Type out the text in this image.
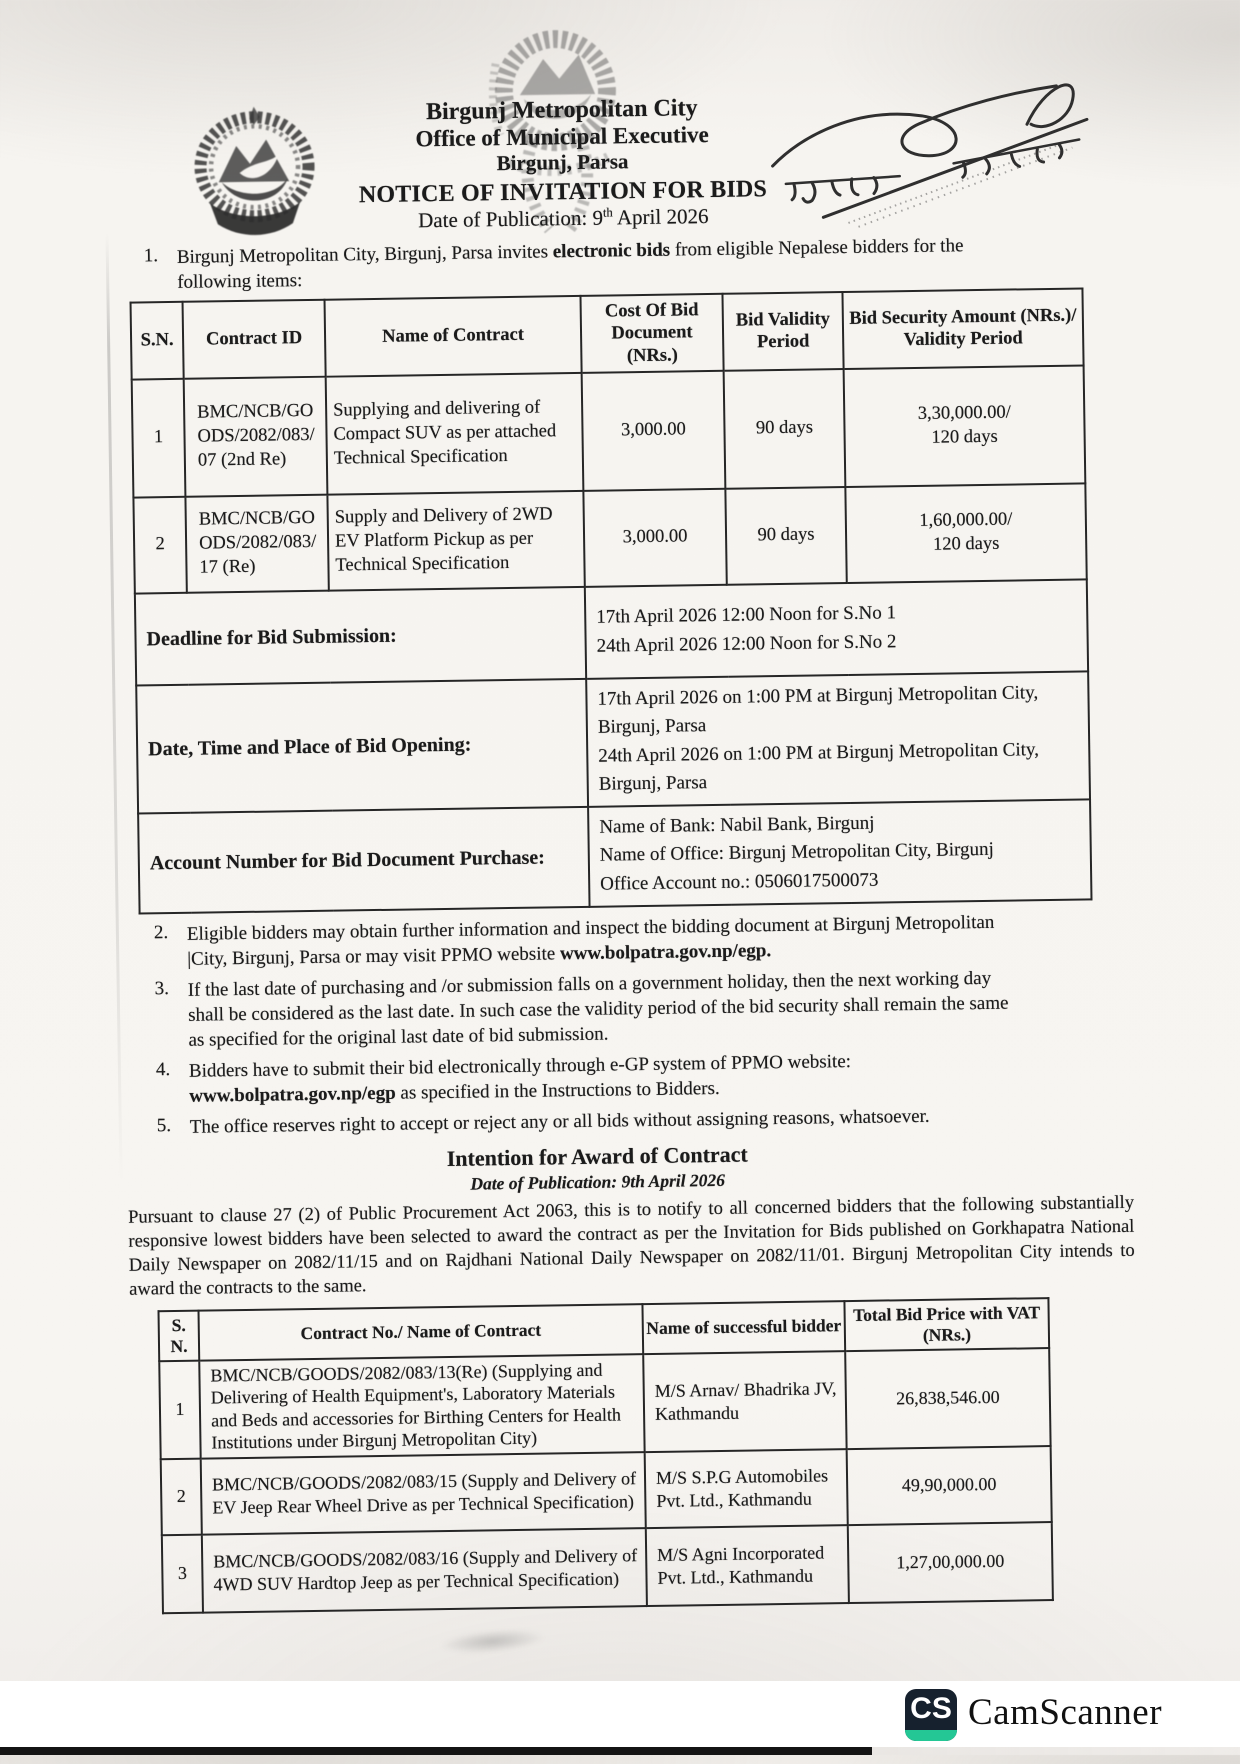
Birgunj Metropolitan City
Office of Municipal Executive
Birgunj, Parsa
NOTICE OF INVITATION FOR BIDS
Date of Publication: 9th April 2026
1. Birgunj Metropolitan City, Birgunj, Parsa invites electronic bids from eligible Nepalese bidders for the following items:
S.N.	Contract ID	Name of Contract	Cost Of Bid Document (NRs.)	Bid Validity Period	Bid Security Amount (NRs.)/ Validity Period
1	BMC/NCB/GO ODS/2082/083/ 07 (2nd Re)	Supplying and delivering of Compact SUV as per attached Technical Specification	3,000.00	90 days	3,30,000.00/
120 days

2	BMC/NCB/GO ODS/2082/083/ 17 (Re)	Supply and Delivery of 2WD EV Platform Pickup as per Technical Specification	3,000.00	90 days	1,60,000.00/
120 days

Deadline for Bid Submission:			17th April 2026 12:00 Noon for S.No 1
24th April 2026 12:00 Noon for S.No 2		

Date, Time and Place of Bid Opening:			17th April 2026 on 1:00 PM at Birgunj Metropolitan City, Birgunj, Parsa
24th April 2026 on 1:00 PM at Birgunj Metropolitan City, Birgunj, Parsa		

Account Number for Bid Document Purchase:			Name of Bank: Nabil Bank, Birgunj
Name of Office: Birgunj Metropolitan City, Birgunj
Office Account no.: 0506017500073		
2. Eligible bidders may obtain further information and inspect the bidding document at Birgunj Metropolitan |City, Birgunj, Parsa or may visit PPMO website www.bolpatra.gov.np/egp.
3. If the last date of purchasing and /or submission falls on a government holiday, then the next working day shall be considered as the last date. In such case the validity period of the bid security shall remain the same as specified for the original last date of bid submission.
4. Bidders have to submit their bid electronically through e-GP system of PPMO website: www.bolpatra.gov.np/egp as specified in the Instructions to Bidders.
5. The office reserves right to accept or reject any or all bids without assigning reasons, whatsoever.
Intention for Award of Contract
Date of Publication: 9th April 2026
Pursuant to clause 27 (2) of Public Procurement Act 2063, this is to notify to all concerned bidders that the following substantially responsive lowest bidders have been selected to award the contract as per the Invitation for Bids published on Gorkhapatra National Daily Newspaper on 2082/11/15 and on Rajdhani National Daily Newspaper on 2082/11/01. Birgunj Metropolitan City intends to award the contracts to the same.
S. N.	Contract No./ Name of Contract	Name of successful bidder	Total Bid Price with VAT (NRs.)
1	BMC/NCB/GOODS/2082/083/13(Re) (Supplying and Delivering of Health Equipment's, Laboratory Materials and Beds and accessories for Birthing Centers for Health Institutions under Birgunj Metropolitan City)	M/S Arnav/ Bhadrika JV, Kathmandu	26,838,546.00
2	BMC/NCB/GOODS/2082/083/15 (Supply and Delivery of EV Jeep Rear Wheel Drive as per Technical Specification)	M/S S.P.G Automobiles Pvt. Ltd., Kathmandu	49,90,000.00
3	BMC/NCB/GOODS/2082/083/16 (Supply and Delivery of 4WD SUV Hardtop Jeep as per Technical Specification)	M/S Agni Incorporated Pvt. Ltd., Kathmandu	1,27,00,000.00
CS CamScanner
